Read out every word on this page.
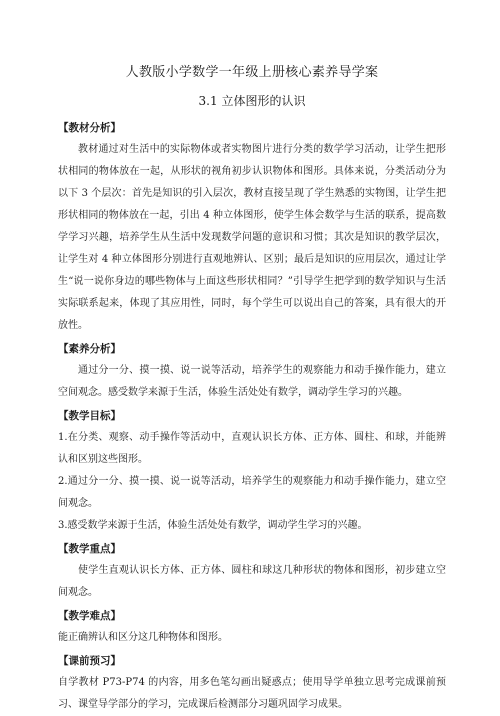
人教版小学数学一年级上册核心素养导学案
3.1 立体图形的认识

【教材分析】

教材通过对生活中的实际物体或者实物图片进行分类的数学学习活动，让学生把形状相同的物体放在一起，从形状的视角初步认识物体和图形。具体来说，分类活动分为以下 3 个层次：首先是知识的引入层次，教材直接呈现了学生熟悉的实物图，让学生把形状相同的物体放在一起，引出 4 种立体图形，使学生体会数学与生活的联系，提高数学学习兴趣，培养学生从生活中发现数学问题的意识和习惯；其次是知识的教学层次，让学生对 4 种立体图形分别进行直观地辨认、区别；最后是知识的应用层次，通过让学生“说一说你身边的哪些物体与上面这些形状相同？”引导学生把学到的数学知识与生活实际联系起来，体现了其应用性，同时，每个学生可以说出自己的答案，具有很大的开放性。

【素养分析】

通过分一分、摸一摸、说一说等活动，培养学生的观察能力和动手操作能力，建立空间观念。感受数学来源于生活，体验生活处处有数学，调动学生学习的兴趣。

【教学目标】

1.在分类、观察、动手操作等活动中，直观认识长方体、正方体、圆柱、和球，并能辨认和区别这些图形。

2.通过分一分、摸一摸、说一说等活动，培养学生的观察能力和动手操作能力，建立空间观念。

3.感受数学来源于生活，体验生活处处有数学，调动学生学习的兴趣。

【教学重点】

使学生直观认识长方体、正方体、圆柱和球这几种形状的物体和图形，初步建立空间观念。

【教学难点】

能正确辨认和区分这几种物体和图形。

【课前预习】

自学教材 P73-P74 的内容，用多色笔勾画出疑惑点；使用导学单独立思考完成课前预习、课堂导学部分的学习，完成课后检测部分习题巩固学习成果。
